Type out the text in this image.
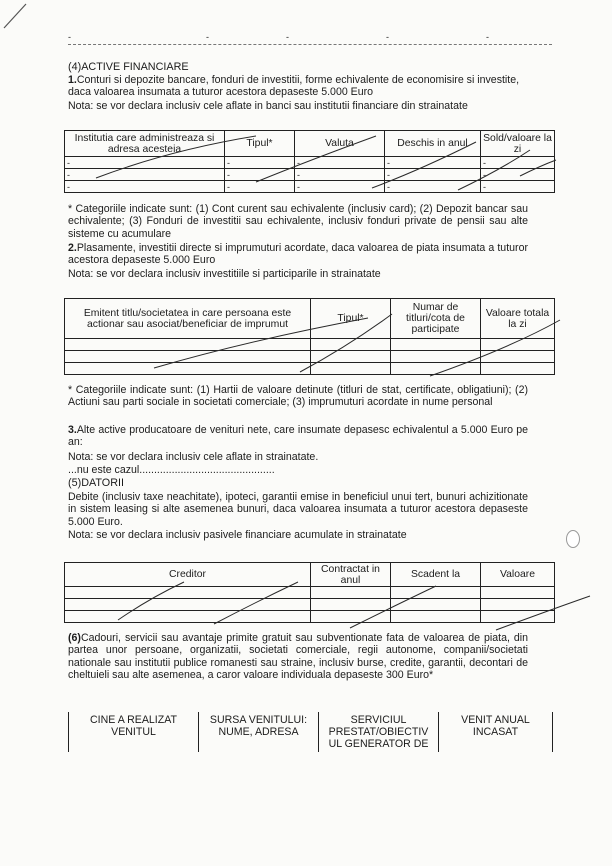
-	-	-	-	-
(4)ACTIVE FINANCIARE
1.Conturi si depozite bancare, fonduri de investitii, forme echivalente de economisire si investite, daca valoarea insumata a tuturor acestora depaseste 5.000 Euro
Nota: se vor declara inclusiv cele aflate in banci sau institutii financiare din strainatate
Institutia care administreaza si adresa acesteia	Tipul*	Valuta	Deschis in anul	Sold/valoare la zi
-	-	-	-	-
-	-	-	-	-
-	-	-	-	-
* Categoriile indicate sunt: (1) Cont curent sau echivalente (inclusiv card); (2) Depozit bancar sau echivalente; (3) Fonduri de investitii sau echivalente, inclusiv fonduri private de pensii sau alte sisteme cu acumulare
2.Plasamente, investitii directe si imprumuturi acordate, daca valoarea de piata insumata a tuturor acestora depaseste 5.000 Euro
Nota: se vor declara inclusiv investitiile si participarile in strainatate
Emitent titlu/societatea in care persoana este actionar sau asociat/beneficiar de imprumut	Tipul*	Numar de titluri/cota de participate	Valoare totala la zi

* Categoriile indicate sunt: (1) Hartii de valoare detinute (titluri de stat, certificate, obligatiuni); (2) Actiuni sau parti sociale in societati comerciale; (3) imprumuturi acordate in nume personal
3.Alte active producatoare de venituri nete, care insumate depasesc echivalentul a 5.000 Euro pe an:
Nota: se vor declara inclusiv cele aflate in strainatate.
...nu este cazul..............................................
(5)DATORII
Debite (inclusiv taxe neachitate), ipoteci, garantii emise in beneficiul unui tert, bunuri achizitionate in sistem leasing si alte asemenea bunuri, daca valoarea insumata a tuturor acestora depaseste 5.000 Euro.
Nota: se vor declara inclusiv pasivele financiare acumulate in strainatate
Creditor	Contractat in anul	Scadent la	Valoare

(6)Cadouri, servicii sau avantaje primite gratuit sau subventionate fata de valoarea de piata, din partea unor persoane, organizatii, societati comerciale, regii autonome, companii/societati nationale sau institutii publice romanesti sau straine, inclusiv burse, credite, garantii, decontari de cheltuieli sau alte asemenea, a caror valoare individuala depaseste 300 Euro*
CINE A REALIZAT VENITUL	SURSA VENITULUI: NUME, ADRESA	SERVICIUL PRESTAT/OBIECTIV UL GENERATOR DE	VENIT ANUAL INCASAT
